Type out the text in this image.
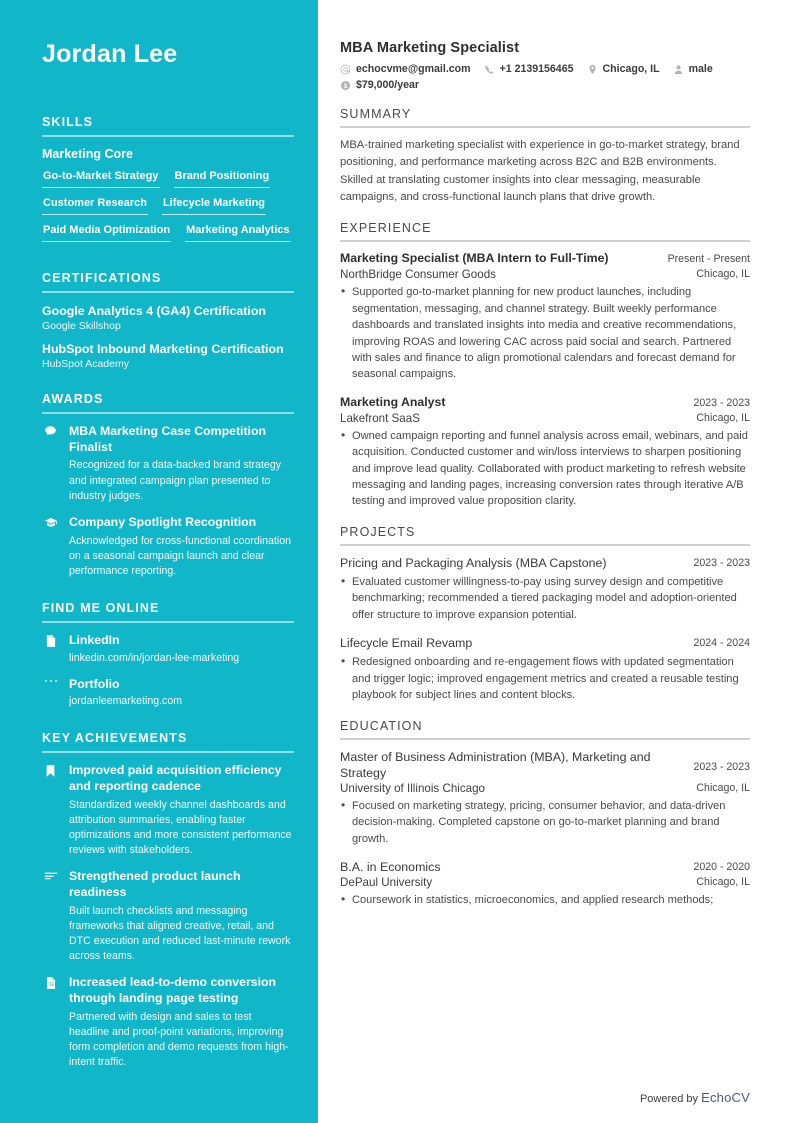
Jordan Lee
SKILLS
Marketing Core
Go-to-Market Strategy Brand Positioning
Customer Research Lifecycle Marketing
Paid Media Optimization Marketing Analytics
CERTIFICATIONS
Google Analytics 4 (GA4) Certification
Google Skillshop
HubSpot Inbound Marketing Certification
HubSpot Academy
AWARDS
MBA Marketing Case Competition Finalist
Recognized for a data-backed brand strategy and integrated campaign plan presented to industry judges.
Company Spotlight Recognition
Acknowledged for cross-functional coordination on a seasonal campaign launch and clear performance reporting.
FIND ME ONLINE
LinkedIn
linkedin.com/in/jordan-lee-marketing
Portfolio
jordanleemarketing.com
KEY ACHIEVEMENTS
Improved paid acquisition efficiency and reporting cadence
Standardized weekly channel dashboards and attribution summaries, enabling faster optimizations and more consistent performance reviews with stakeholders.
Strengthened product launch readiness
Built launch checklists and messaging frameworks that aligned creative, retail, and DTC execution and reduced last-minute rework across teams.
G Increased lead-to-demo conversion through landing page testing
Partnered with design and sales to test headline and proof-point variations, improving form completion and demo requests from high-intent traffic.
MBA Marketing Specialist
echocvme@gmail.com	+1 2139156465	Chicago, IL	male
$ $79,000/year
SUMMARY

MBA-trained marketing specialist with experience in go-to-market strategy, brand positioning, and performance marketing across B2C and B2B environments. Skilled at translating customer insights into clear messaging, measurable campaigns, and cross-functional launch plans that drive growth.

EXPERIENCE
Marketing Specialist (MBA Intern to Full-Time)	Present - Present
NorthBridge Consumer Goods	Chicago, IL
• Supported go-to-market planning for new product launches, including segmentation, messaging, and channel strategy. Built weekly performance dashboards and translated insights into media and creative recommendations, improving ROAS and lowering CAC across paid social and search. Partnered with sales and finance to align promotional calendars and forecast demand for seasonal campaigns.
Marketing Analyst	2023 - 2023
Lakefront SaaS	Chicago, IL
• Owned campaign reporting and funnel analysis across email, webinars, and paid acquisition. Conducted customer and win/loss interviews to sharpen positioning and improve lead quality. Collaborated with product marketing to refresh website messaging and landing pages, increasing conversion rates through iterative A/B testing and improved value proposition clarity.
PROJECTS
Pricing and Packaging Analysis (MBA Capstone)	2023 - 2023
• Evaluated customer willingness-to-pay using survey design and competitive benchmarking; recommended a tiered packaging model and adoption-oriented offer structure to improve expansion potential.
Lifecycle Email Revamp	2024 - 2024
• Redesigned onboarding and re-engagement flows with updated segmentation and trigger logic; improved engagement metrics and created a reusable testing playbook for subject lines and content blocks.
EDUCATION
Master of Business Administration (MBA), Marketing and Strategy	2023 - 2023
University of Illinois Chicago	Chicago, IL
• Focused on marketing strategy, pricing, consumer behavior, and data-driven decision-making. Completed capstone on go-to-market planning and brand growth.
B.A. in Economics	2020 - 2020
DePaul University	Chicago, IL
• Coursework in statistics, microeconomics, and applied research methods;
Powered by EchoCV
